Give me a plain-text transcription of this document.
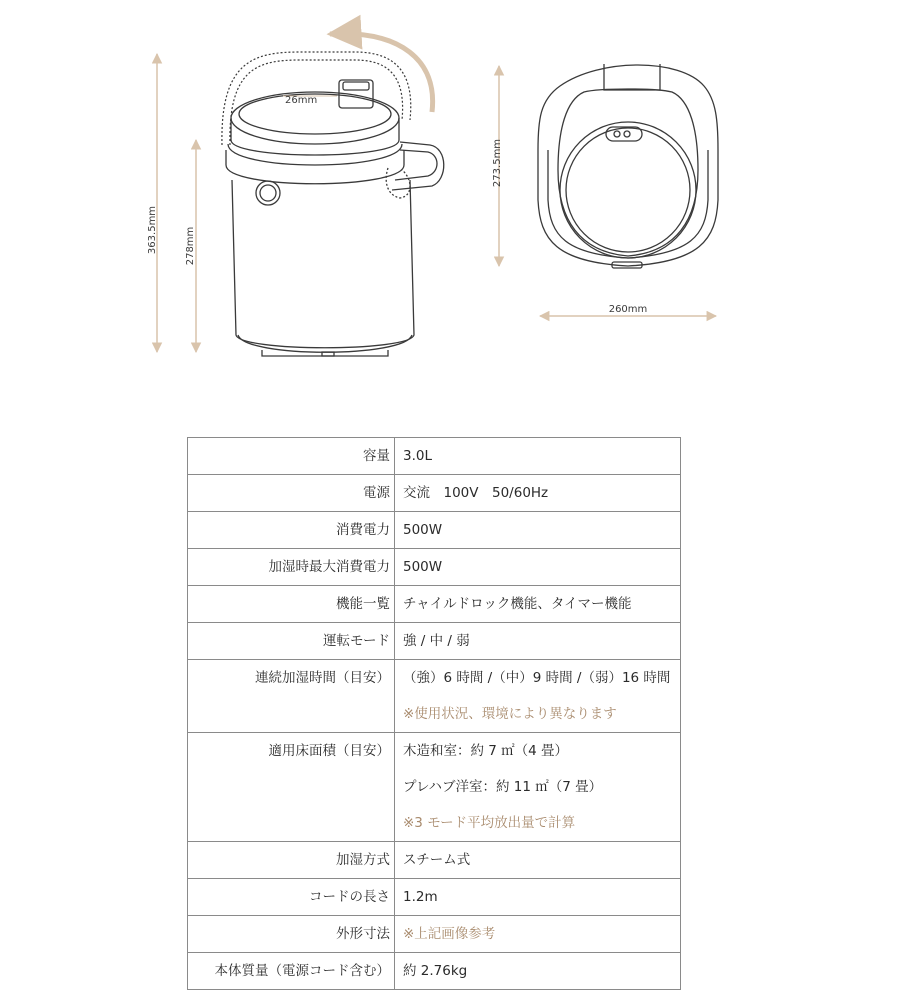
363.5mm	278mm
26mm
273.5mm
260mm
容量	3.0L

電源	交流　100V　50/60Hz

消費電力	500W

加湿時最大消費電力	500W

機能一覧	チャイルドロック機能、タイマー機能

運転モード	強 / 中 / 弱

連続加湿時間（目安）	（強）6 時間 /（中）9 時間 /（弱）16 時間
※使用状況、環境により異なります

適用床面積（目安）	木造和室：約 7 ㎡（4 畳）
プレハブ洋室：約 11 ㎡（7 畳）
※3 モード平均放出量で計算

加湿方式	スチーム式

コードの長さ	1.2m

外形寸法	※上記画像参考

本体質量（電源コード含む）	約 2.76kg
